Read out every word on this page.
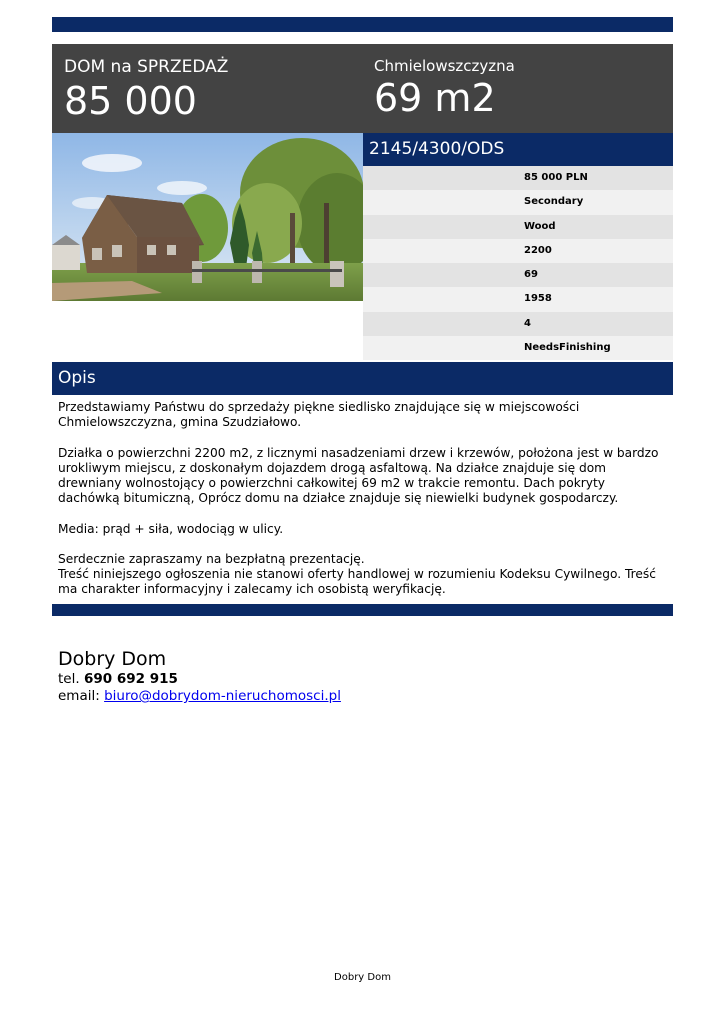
DOM na SPRZEDAŻ
85 000
Chmielowszczyzna
69 m2
2145/4300/ODS
85 000 PLN
Secondary
Wood
2200
69
1958
4
NeedsFinishing
Opis

Przedstawiamy Państwu do sprzedaży piękne siedlisko znajdujące się w miejscowości Chmielowszczyzna, gmina Szudziałowo.

Działka o powierzchni 2200 m2, z licznymi nasadzeniami drzew i krzewów, położona jest w bardzo urokliwym miejscu, z doskonałym dojazdem drogą asfaltową. Na działce znajduje się dom drewniany wolnostojący o powierzchni całkowitej 69 m2 w trakcie remontu. Dach pokryty dachówką bitumiczną, Oprócz domu na działce znajduje się niewielki budynek gospodarczy.

Media: prąd + siła, wodociąg w ulicy.

Serdecznie zapraszamy na bezpłatną prezentację.

Treść niniejszego ogłoszenia nie stanowi oferty handlowej w rozumieniu Kodeksu Cywilnego. Treść ma charakter informacyjny i zalecamy ich osobistą weryfikację.

Dobry Dom
tel. 690 692 915
email: biuro@dobrydom-nieruchomosci.pl
Dobry Dom
